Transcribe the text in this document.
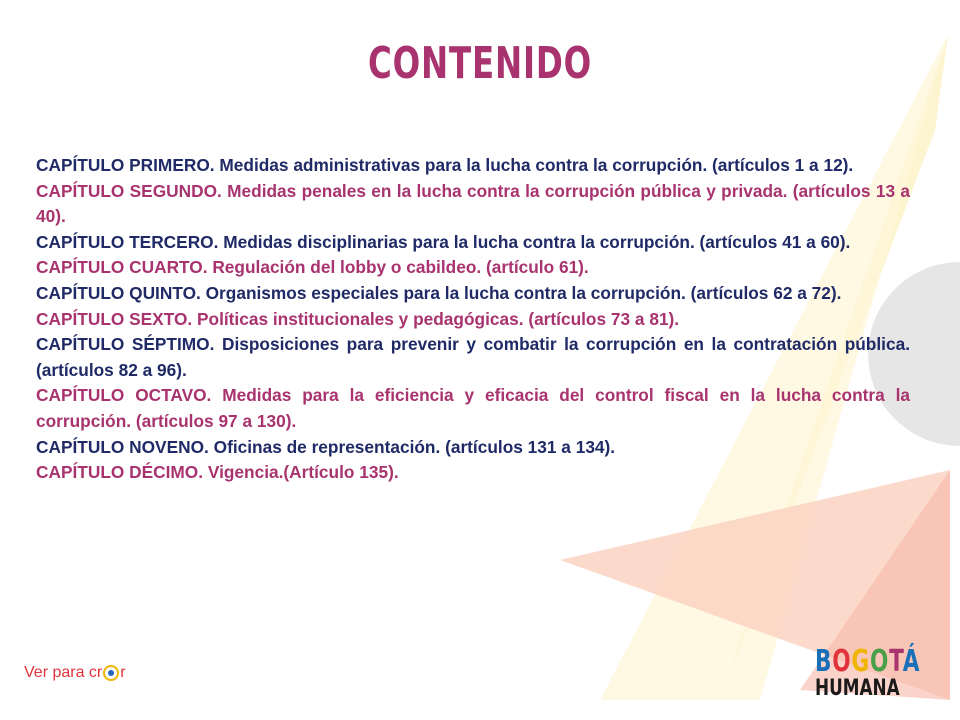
CONTENIDO

CAPÍTULO PRIMERO. Medidas administrativas para la lucha contra la corrupción. (artículos 1 a 12).

CAPÍTULO SEGUNDO. Medidas penales en la lucha contra la corrupción pública y privada. (artículos 13 a 40).

CAPÍTULO TERCERO. Medidas disciplinarias para la lucha contra la corrupción. (artículos 41 a 60).

CAPÍTULO CUARTO. Regulación del lobby o cabildeo. (artículo 61).

CAPÍTULO QUINTO. Organismos especiales para la lucha contra la corrupción. (artículos 62 a 72).

CAPÍTULO SEXTO. Políticas institucionales y pedagógicas. (artículos 73 a 81).

CAPÍTULO SÉPTIMO. Disposiciones para prevenir y combatir la corrupción en la contratación pública. (artículos 82 a 96).

CAPÍTULO OCTAVO. Medidas para la eficiencia y eficacia del control fiscal en la lucha contra la corrupción. (artículos 97 a 130).

CAPÍTULO NOVENO. Oficinas de representación. (artículos 131 a 134).

CAPÍTULO DÉCIMO. Vigencia.(Artículo 135).

Ver para cr r	BOGOTÁ
HUMANA
